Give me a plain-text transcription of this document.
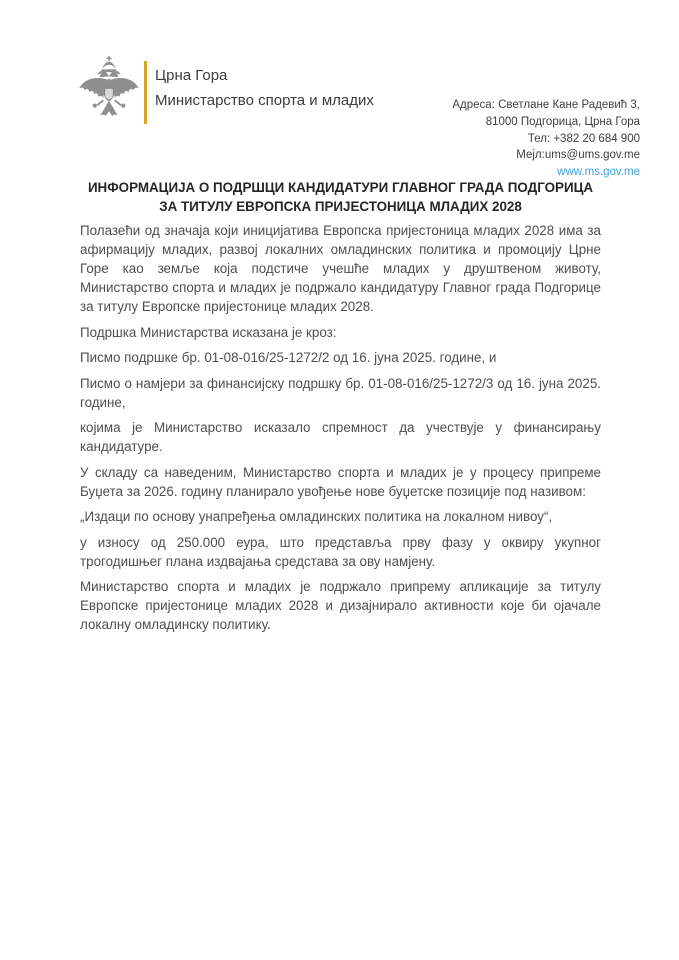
Црна Гора
Министарство спорта и младих	Адреса: Светлане Кане Радевић 3,
81000 Подгорица, Црна Гора
Тел: +382 20 684 900
Мејл:ums@ums.gov.me
www.ms.gov.me
ИНФОРМАЦИЈА О ПОДРШЦИ КАНДИДАТУРИ ГЛАВНОГ ГРАДА ПОДГОРИЦА ЗА ТИТУЛУ ЕВРОПСКА ПРИЈЕСТОНИЦА МЛАДИХ 2028

Полазећи од значаја који иницијатива Европска пријестоница младих 2028 има за афирмацију младих, развој локалних омладинских политика и промоцију Црне Горе као земље која подстиче учешће младих у друштвеном животу, Министарство спорта и младих је подржало кандидатуру Главног града Подгорице за титулу Европске пријестонице младих 2028.

Подршка Министарства исказана је кроз:

Писмо подршке бр. 01-08-016/25-1272/2 од 16. јуна 2025. године, и

Писмо о намјери за финансијску подршку бр. 01-08-016/25-1272/3 од 16. јуна 2025. године,

којима је Министарство исказало спремност да учествује у финансирању кандидатуре.

У складу са наведеним, Министарство спорта и младих је у процесу припреме Буџета за 2026. годину планирало увођење нове буџетске позиције под називом:

„Издаци по основу унапређења омладинских политика на локалном нивоу“,

у износу од 250.000 еура, што представља прву фазу у оквиру укупног трогодишњег плана издвајања средстава за ову намјену.

Министарство спорта и младих је подржало припрему апликације за титулу Европске пријестонице младих 2028 и дизајнирало активности које би ојачале локалну омладинску политику.
